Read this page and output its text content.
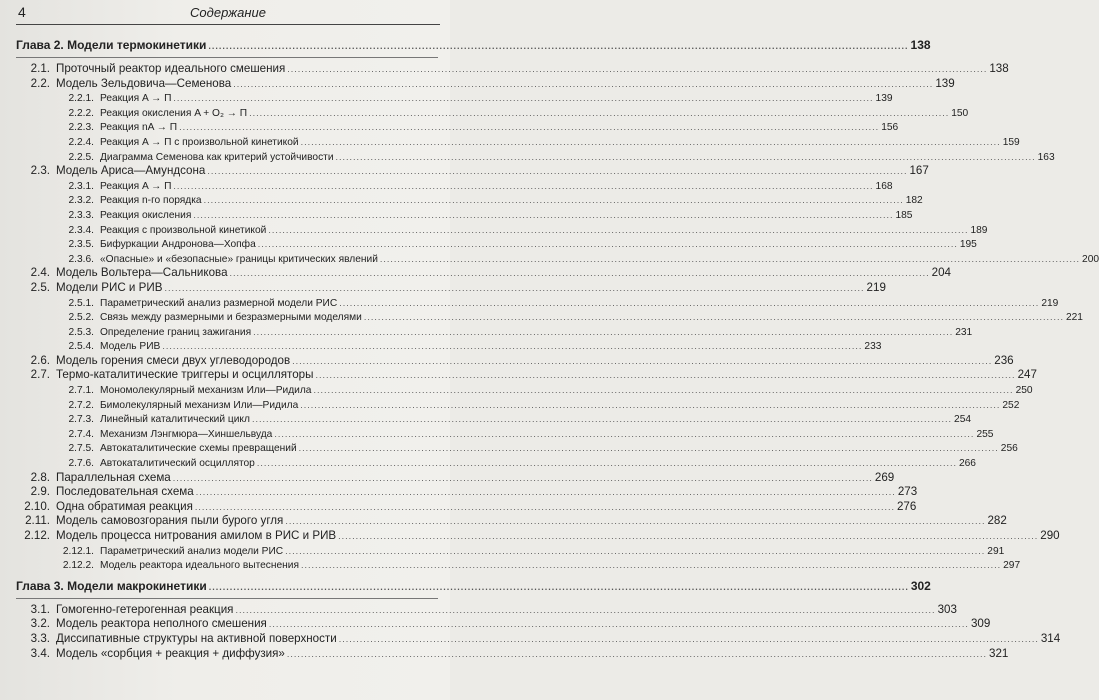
4	Содержание
Глава 2. Модели термокинетики .....	138
2.1. Проточный реактор идеального смешения .....	138
2.2. Модель Зельдовича—Семенова .....	139
2.2.1. Реакция A → П .....	139
2.2.2. Реакция окисления A + O₂ → П .....	150
2.2.3. Реакция nA → П .....	156
2.2.4. Реакция A → П с произвольной кинетикой .....	159
2.2.5. Диаграмма Семенова как критерий устойчивости .....	163
2.3. Модель Ариса—Амундсона .....	167
2.3.1. Реакция A → П .....	168
2.3.2. Реакция n-го порядка .....	182
2.3.3. Реакция окисления .....	185
2.3.4. Реакция с произвольной кинетикой .....	189
2.3.5. Бифуркации Андронова—Хопфа .....	195
2.3.6. «Опасные» и «безопасные» границы критических явлений .....	200
2.4. Модель Вольтера—Сальникова .....	204
2.5. Модели РИС и РИВ .....	219
2.5.1. Параметрический анализ размерной модели РИС .....	219
2.5.2. Связь между размерными и безразмерными моделями .....	221
2.5.3. Определение границ зажигания .....	231
2.5.4. Модель РИВ .....	233
2.6. Модель горения смеси двух углеводородов .....	236
2.7. Термо-каталитические триггеры и осцилляторы .....	247
2.7.1. Мономолекулярный механизм Или—Ридила .....	250
2.7.2. Бимолекулярный механизм Или—Ридила .....	252
2.7.3. Линейный каталитический цикл .....	254
2.7.4. Механизм Лэнгмюра—Хиншельвуда .....	255
2.7.5. Автокаталитические схемы превращений .....	256
2.7.6. Автокаталитический осциллятор .....	266
2.8. Параллельная схема .....	269
2.9. Последовательная схема .....	273
2.10. Одна обратимая реакция .....	276
2.11. Модель самовозгорания пыли бурого угля .....	282
2.12. Модель процесса нитрования амилом в РИС и РИВ .....	290
2.12.1. Параметрический анализ модели РИС .....	291
2.12.2. Модель реактора идеального вытеснения .....	297
Глава 3. Модели макрокинетики .....	302
3.1. Гомогенно-гетерогенная реакция .....	303
3.2. Модель реактора неполного смешения .....	309
3.3. Диссипативные структуры на активной поверхности .....	314
3.4. Модель «сорбция + реакция + диффузия» .....	321
